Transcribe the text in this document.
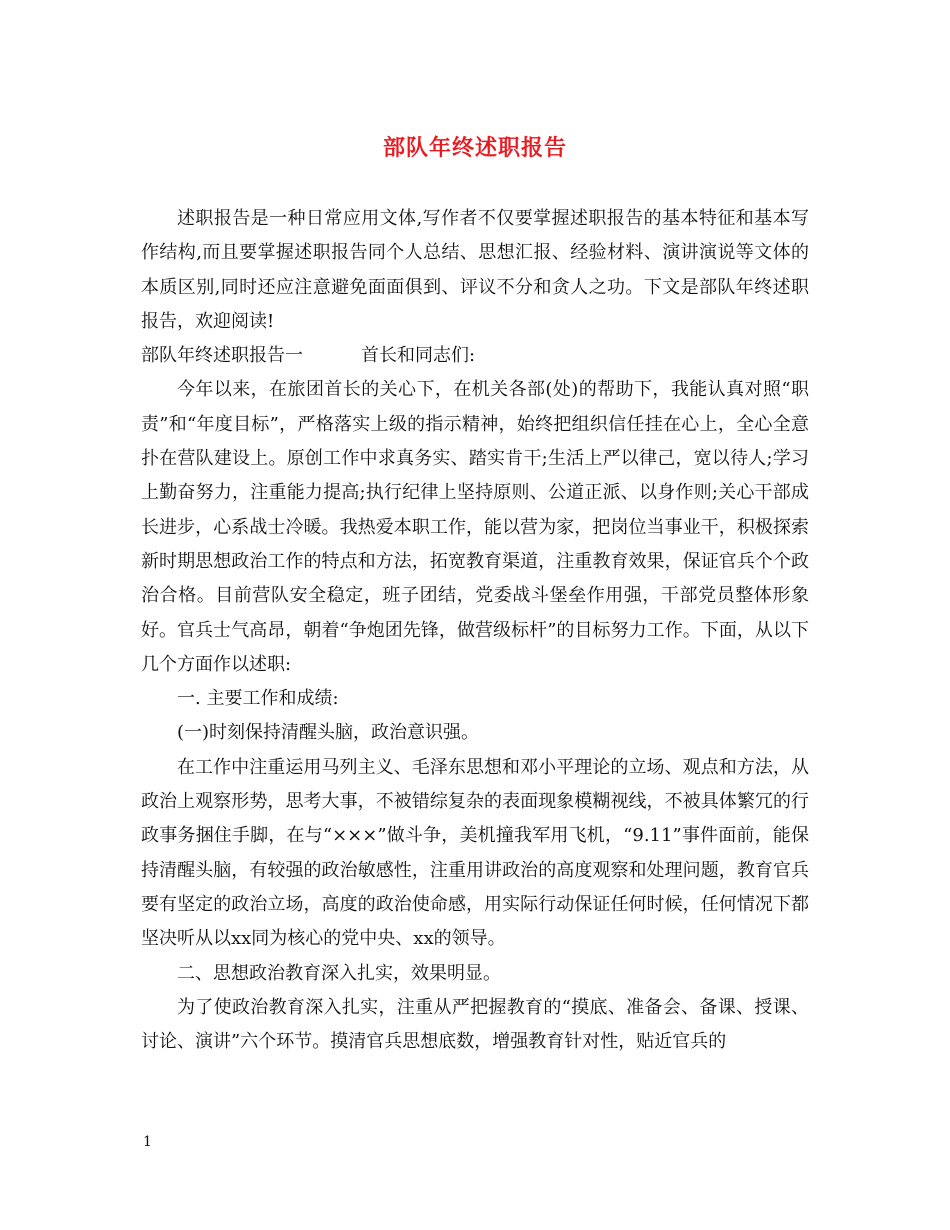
部队年终述职报告

述职报告是一种日常应用文体,写作者不仅要掌握述职报告的基本特征和基本写作结构,而且要掌握述职报告同个人总结、思想汇报、经验材料、演讲演说等文体的本质区别,同时还应注意避免面面俱到、评议不分和贪人之功。下文是部队年终述职报告，欢迎阅读!

部队年终述职报告一	首长和同志们:

今年以来，在旅团首长的关心下，在机关各部(处)的帮助下，我能认真对照“职责”和“年度目标”，严格落实上级的指示精神，始终把组织信任挂在心上，全心全意扑在营队建设上。原创工作中求真务实、踏实肯干;生活上严以律己，宽以待人;学习上勤奋努力，注重能力提高;执行纪律上坚持原则、公道正派、以身作则;关心干部成长进步，心系战士冷暖。我热爱本职工作，能以营为家，把岗位当事业干，积极探索新时期思想政治工作的特点和方法，拓宽教育渠道，注重教育效果，保证官兵个个政治合格。目前营队安全稳定，班子团结，党委战斗堡垒作用强，干部党员整体形象好。官兵士气高昂，朝着“争炮团先锋，做营级标杆”的目标努力工作。下面，从以下几个方面作以述职:

一. 主要工作和成绩:

(一)时刻保持清醒头脑，政治意识强。

在工作中注重运用马列主义、毛泽东思想和邓小平理论的立场、观点和方法，从政治上观察形势，思考大事，不被错综复杂的表面现象模糊视线，不被具体繁冗的行政事务捆住手脚，在与“×××”做斗争，美机撞我军用飞机，“9.11”事件面前，能保持清醒头脑，有较强的政治敏感性，注重用讲政治的高度观察和处理问题，教育官兵要有坚定的政治立场，高度的政治使命感，用实际行动保证任何时候，任何情况下都坚决听从以xx同为核心的党中央、xx的领导。

二、思想政治教育深入扎实，效果明显。

为了使政治教育深入扎实，注重从严把握教育的“摸底、准备会、备课、授课、讨论、演讲”六个环节。摸清官兵思想底数，增强教育针对性，贴近官兵的

1
